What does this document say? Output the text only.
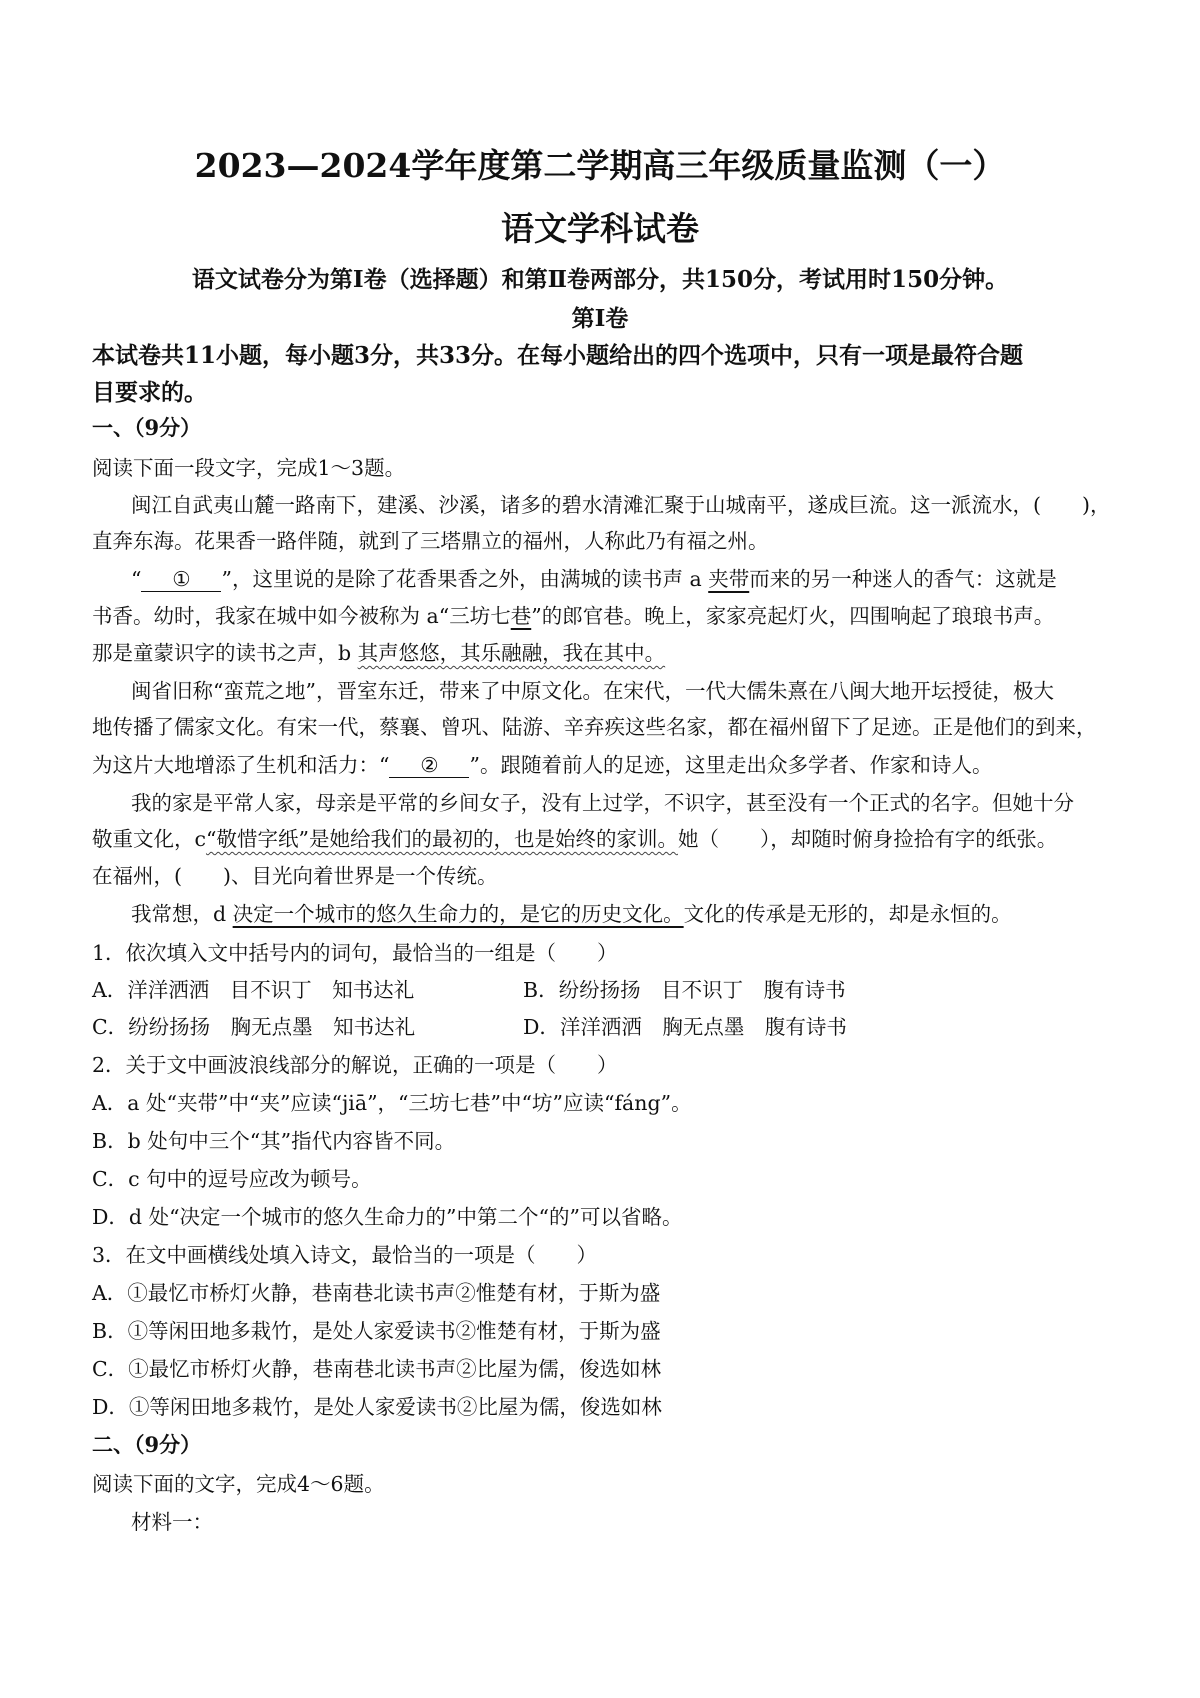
2023—2024学年度第二学期高三年级质量监测（一）
语文学科试卷
语文试卷分为第Ⅰ卷（选择题）和第Ⅱ卷两部分，共150分，考试用时150分钟。
第Ⅰ卷
本试卷共11小题，每小题3分，共33分。在每小题给出的四个选项中，只有一项是最符合题
目要求的。
一、（9分）
阅读下面一段文字，完成1～3题。
闽江自武夷山麓一路南下，建溪、沙溪，诸多的碧水清滩汇聚于山城南平，遂成巨流。这一派流水，(　　)，
直奔东海。花果香一路伴随，就到了三塔鼎立的福州，人称此乃有福之州。
“ ① ”，这里说的是除了花香果香之外，由满城的读书声 a 夹带而来的另一种迷人的香气：这就是
书香。幼时，我家在城中如今被称为 a“三坊七巷”的郎官巷。晚上，家家亮起灯火，四围响起了琅琅书声。
那是童蒙识字的读书之声，b 其声悠悠，其乐融融，我在其中。
闽省旧称“蛮荒之地”，晋室东迁，带来了中原文化。在宋代，一代大儒朱熹在八闽大地开坛授徒，极大
地传播了儒家文化。有宋一代，蔡襄、曾巩、陆游、辛弃疾这些名家，都在福州留下了足迹。正是他们的到来，
为这片大地增添了生机和活力：“ ② ”。跟随着前人的足迹，这里走出众多学者、作家和诗人。
我的家是平常人家，母亲是平常的乡间女子，没有上过学，不识字，甚至没有一个正式的名字。但她十分
敬重文化，c“敬惜字纸”是她给我们的最初的，也是始终的家训。她（　　），却随时俯身捡拾有字的纸张。
在福州，(　　)、目光向着世界是一个传统。
我常想，d 决定一个城市的悠久生命力的，是它的历史文化。文化的传承是无形的，却是永恒的。
1．依次填入文中括号内的词句，最恰当的一组是（　　）
A．洋洋洒洒　目不识丁　知书达礼	B．纷纷扬扬　目不识丁　腹有诗书
C．纷纷扬扬　胸无点墨　知书达礼	D．洋洋洒洒　胸无点墨　腹有诗书
2．关于文中画波浪线部分的解说，正确的一项是（　　）
A．a 处“夹带”中“夹”应读“jiā”，“三坊七巷”中“坊”应读“fáng”。
B．b 处句中三个“其”指代内容皆不同。
C．c 句中的逗号应改为顿号。
D．d 处“决定一个城市的悠久生命力的”中第二个“的”可以省略。
3．在文中画横线处填入诗文，最恰当的一项是（　　）
A．①最忆市桥灯火静，巷南巷北读书声②惟楚有材，于斯为盛
B．①等闲田地多栽竹，是处人家爱读书②惟楚有材，于斯为盛
C．①最忆市桥灯火静，巷南巷北读书声②比屋为儒，俊选如林
D．①等闲田地多栽竹，是处人家爱读书②比屋为儒，俊选如林
二、（9分）
阅读下面的文字，完成4～6题。
材料一：
